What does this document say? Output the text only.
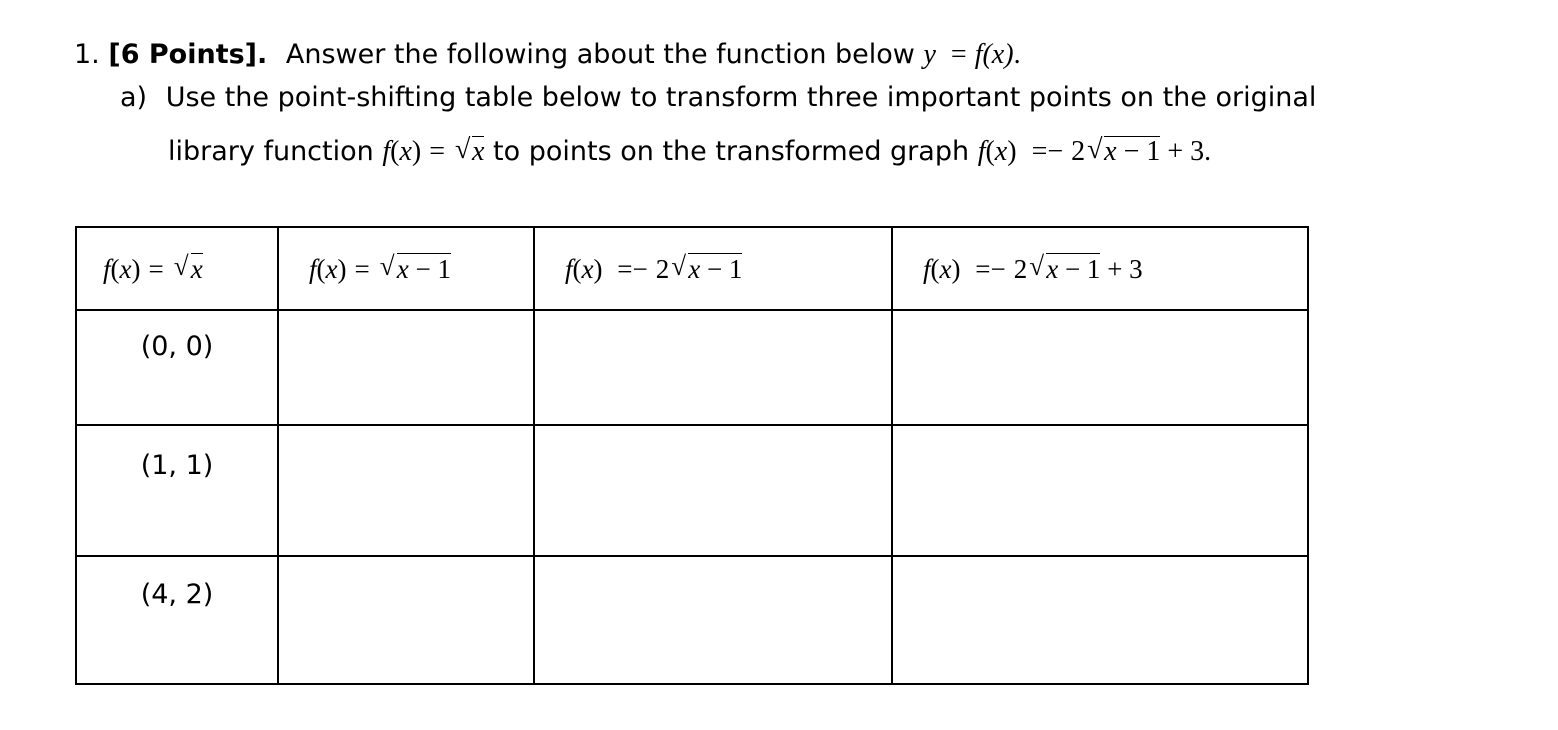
1. [6 Points]. Answer the following about the function below y = f(x).
a) Use the point-shifting table below to transform three important points on the original
library function f(x) = √ x to points on the transformed graph f(x) =− 2 √ x − 1 + 3.
f(x) = √ x	f(x) = √ x − 1	f(x) =− 2 √ x − 1	f(x) =− 2 √ x − 1 + 3

(0, 0)			

(1, 1)			

(4, 2)			
